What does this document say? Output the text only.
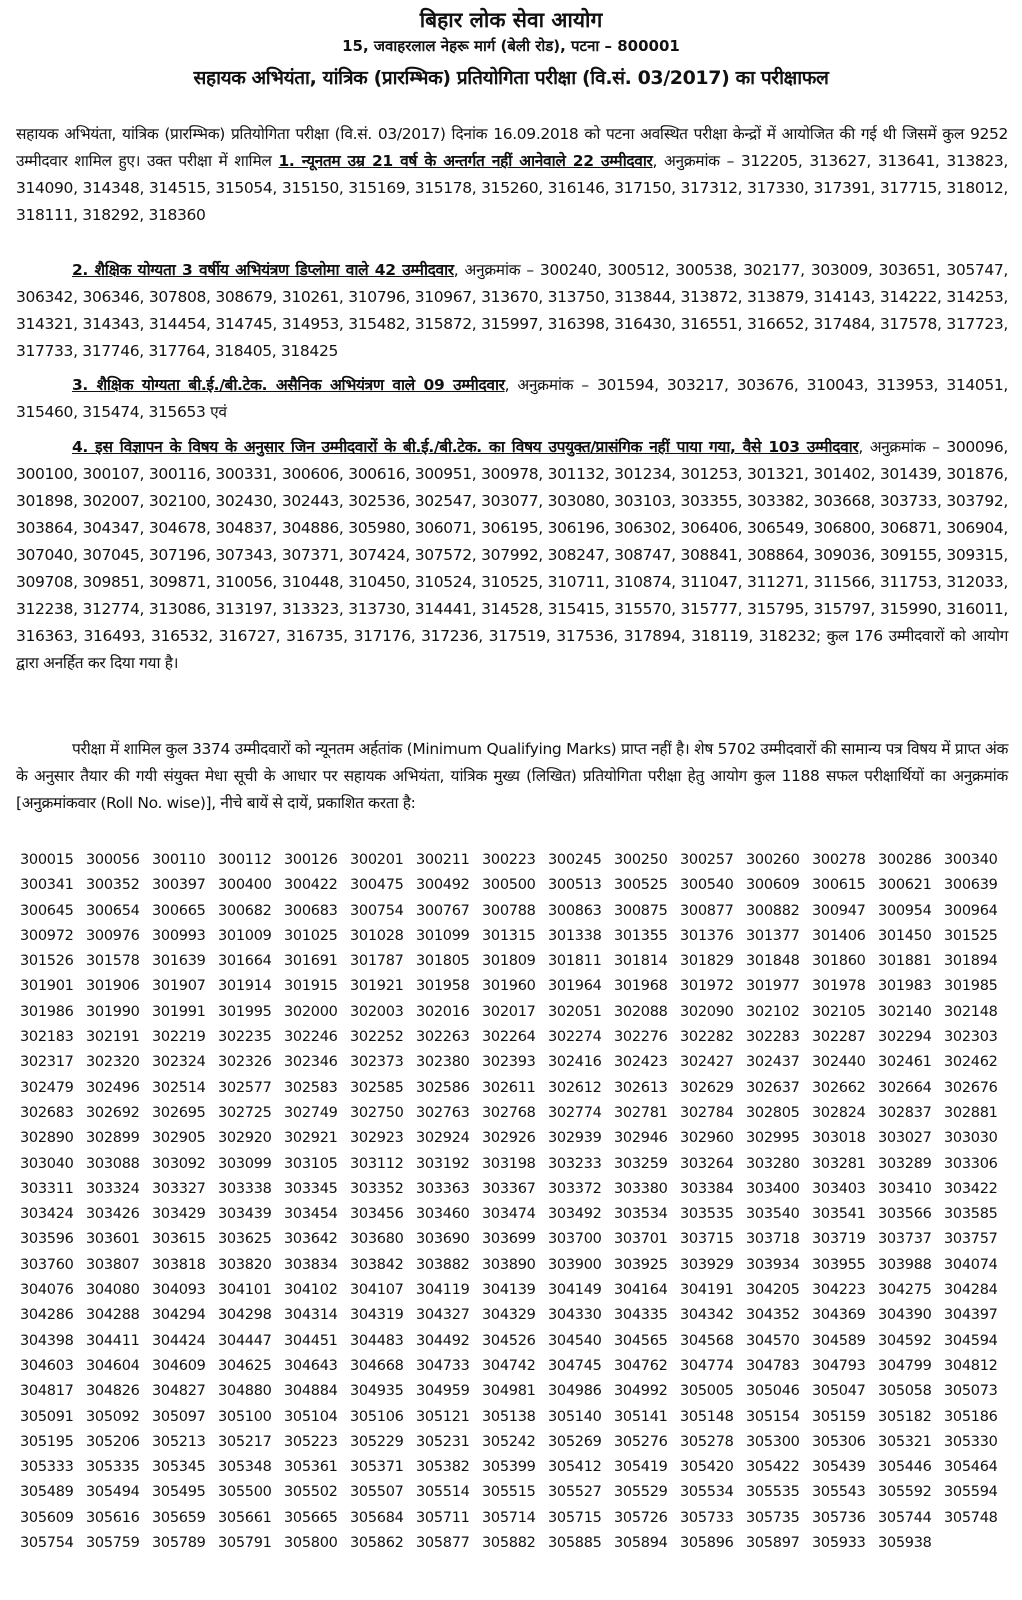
बिहार लोक सेवा आयोग
15, जवाहरलाल नेहरू मार्ग (बेली रोड), पटना – 800001
सहायक अभियंता, यांत्रिक (प्रारम्भिक) प्रतियोगिता परीक्षा (वि.सं. 03/2017) का परीक्षाफल
सहायक अभियंता, यांत्रिक (प्रारम्भिक) प्रतियोगिता परीक्षा (वि.सं. 03/2017) दिनांक 16.09.2018 को पटना अवस्थित परीक्षा केन्द्रों में आयोजित की गई थी जिसमें कुल 9252 उम्मीदवार शामिल हुए। उक्त परीक्षा में शामिल 1. न्यूनतम उम्र 21 वर्ष के अन्तर्गत नहीं आनेवाले 22 उम्मीदवार, अनुक्रमांक – 312205, 313627, 313641, 313823, 314090, 314348, 314515, 315054, 315150, 315169, 315178, 315260, 316146, 317150, 317312, 317330, 317391, 317715, 318012, 318111, 318292, 318360
2. शैक्षिक योग्यता 3 वर्षीय अभियंत्रण डिप्लोमा वाले 42 उम्मीदवार, अनुक्रमांक – 300240, 300512, 300538, 302177, 303009, 303651, 305747, 306342, 306346, 307808, 308679, 310261, 310796, 310967, 313670, 313750, 313844, 313872, 313879, 314143, 314222, 314253, 314321, 314343, 314454, 314745, 314953, 315482, 315872, 315997, 316398, 316430, 316551, 316652, 317484, 317578, 317723, 317733, 317746, 317764, 318405, 318425
3. शैक्षिक योग्यता बी.ई./बी.टेक. असैनिक अभियंत्रण वाले 09 उम्मीदवार, अनुक्रमांक – 301594, 303217, 303676, 310043, 313953, 314051, 315460, 315474, 315653 एवं
4. इस विज्ञापन के विषय के अनुसार जिन उम्मीदवारों के बी.ई./बी.टेक. का विषय उपयुक्त/प्रासंगिक नहीं पाया गया, वैसे 103 उम्मीदवार, अनुक्रमांक – 300096, 300100, 300107, 300116, 300331, 300606, 300616, 300951, 300978, 301132, 301234, 301253, 301321, 301402, 301439, 301876, 301898, 302007, 302100, 302430, 302443, 302536, 302547, 303077, 303080, 303103, 303355, 303382, 303668, 303733, 303792, 303864, 304347, 304678, 304837, 304886, 305980, 306071, 306195, 306196, 306302, 306406, 306549, 306800, 306871, 306904, 307040, 307045, 307196, 307343, 307371, 307424, 307572, 307992, 308247, 308747, 308841, 308864, 309036, 309155, 309315, 309708, 309851, 309871, 310056, 310448, 310450, 310524, 310525, 310711, 310874, 311047, 311271, 311566, 311753, 312033, 312238, 312774, 313086, 313197, 313323, 313730, 314441, 314528, 315415, 315570, 315777, 315795, 315797, 315990, 316011, 316363, 316493, 316532, 316727, 316735, 317176, 317236, 317519, 317536, 317894, 318119, 318232; कुल 176 उम्मीदवारों को आयोग द्वारा अनर्हित कर दिया गया है।
परीक्षा में शामिल कुल 3374 उम्मीदवारों को न्यूनतम अर्हतांक (Minimum Qualifying Marks) प्राप्त नहीं है। शेष 5702 उम्मीदवारों की सामान्य पत्र विषय में प्राप्त अंक के अनुसार तैयार की गयी संयुक्त मेधा सूची के आधार पर सहायक अभियंता, यांत्रिक मुख्य (लिखित) प्रतियोगिता परीक्षा हेतु आयोग कुल 1188 सफल परीक्षार्थियों का अनुक्रमांक [अनुक्रमांकवार (Roll No. wise)], नीचे बायें से दायें, प्रकाशित करता है:
300015 300056 300110 300112 300126 300201 300211 300223 300245 300250 300257 300260 300278 300286 300340
300341 300352 300397 300400 300422 300475 300492 300500 300513 300525 300540 300609 300615 300621 300639
300645 300654 300665 300682 300683 300754 300767 300788 300863 300875 300877 300882 300947 300954 300964
300972 300976 300993 301009 301025 301028 301099 301315 301338 301355 301376 301377 301406 301450 301525
301526 301578 301639 301664 301691 301787 301805 301809 301811 301814 301829 301848 301860 301881 301894
301901 301906 301907 301914 301915 301921 301958 301960 301964 301968 301972 301977 301978 301983 301985
301986 301990 301991 301995 302000 302003 302016 302017 302051 302088 302090 302102 302105 302140 302148
302183 302191 302219 302235 302246 302252 302263 302264 302274 302276 302282 302283 302287 302294 302303
302317 302320 302324 302326 302346 302373 302380 302393 302416 302423 302427 302437 302440 302461 302462
302479 302496 302514 302577 302583 302585 302586 302611 302612 302613 302629 302637 302662 302664 302676
302683 302692 302695 302725 302749 302750 302763 302768 302774 302781 302784 302805 302824 302837 302881
302890 302899 302905 302920 302921 302923 302924 302926 302939 302946 302960 302995 303018 303027 303030
303040 303088 303092 303099 303105 303112 303192 303198 303233 303259 303264 303280 303281 303289 303306
303311 303324 303327 303338 303345 303352 303363 303367 303372 303380 303384 303400 303403 303410 303422
303424 303426 303429 303439 303454 303456 303460 303474 303492 303534 303535 303540 303541 303566 303585
303596 303601 303615 303625 303642 303680 303690 303699 303700 303701 303715 303718 303719 303737 303757
303760 303807 303818 303820 303834 303842 303882 303890 303900 303925 303929 303934 303955 303988 304074
304076 304080 304093 304101 304102 304107 304119 304139 304149 304164 304191 304205 304223 304275 304284
304286 304288 304294 304298 304314 304319 304327 304329 304330 304335 304342 304352 304369 304390 304397
304398 304411 304424 304447 304451 304483 304492 304526 304540 304565 304568 304570 304589 304592 304594
304603 304604 304609 304625 304643 304668 304733 304742 304745 304762 304774 304783 304793 304799 304812
304817 304826 304827 304880 304884 304935 304959 304981 304986 304992 305005 305046 305047 305058 305073
305091 305092 305097 305100 305104 305106 305121 305138 305140 305141 305148 305154 305159 305182 305186
305195 305206 305213 305217 305223 305229 305231 305242 305269 305276 305278 305300 305306 305321 305330
305333 305335 305345 305348 305361 305371 305382 305399 305412 305419 305420 305422 305439 305446 305464
305489 305494 305495 305500 305502 305507 305514 305515 305527 305529 305534 305535 305543 305592 305594
305609 305616 305659 305661 305665 305684 305711 305714 305715 305726 305733 305735 305736 305744 305748
305754 305759 305789 305791 305800 305862 305877 305882 305885 305894 305896 305897 305933 305938
